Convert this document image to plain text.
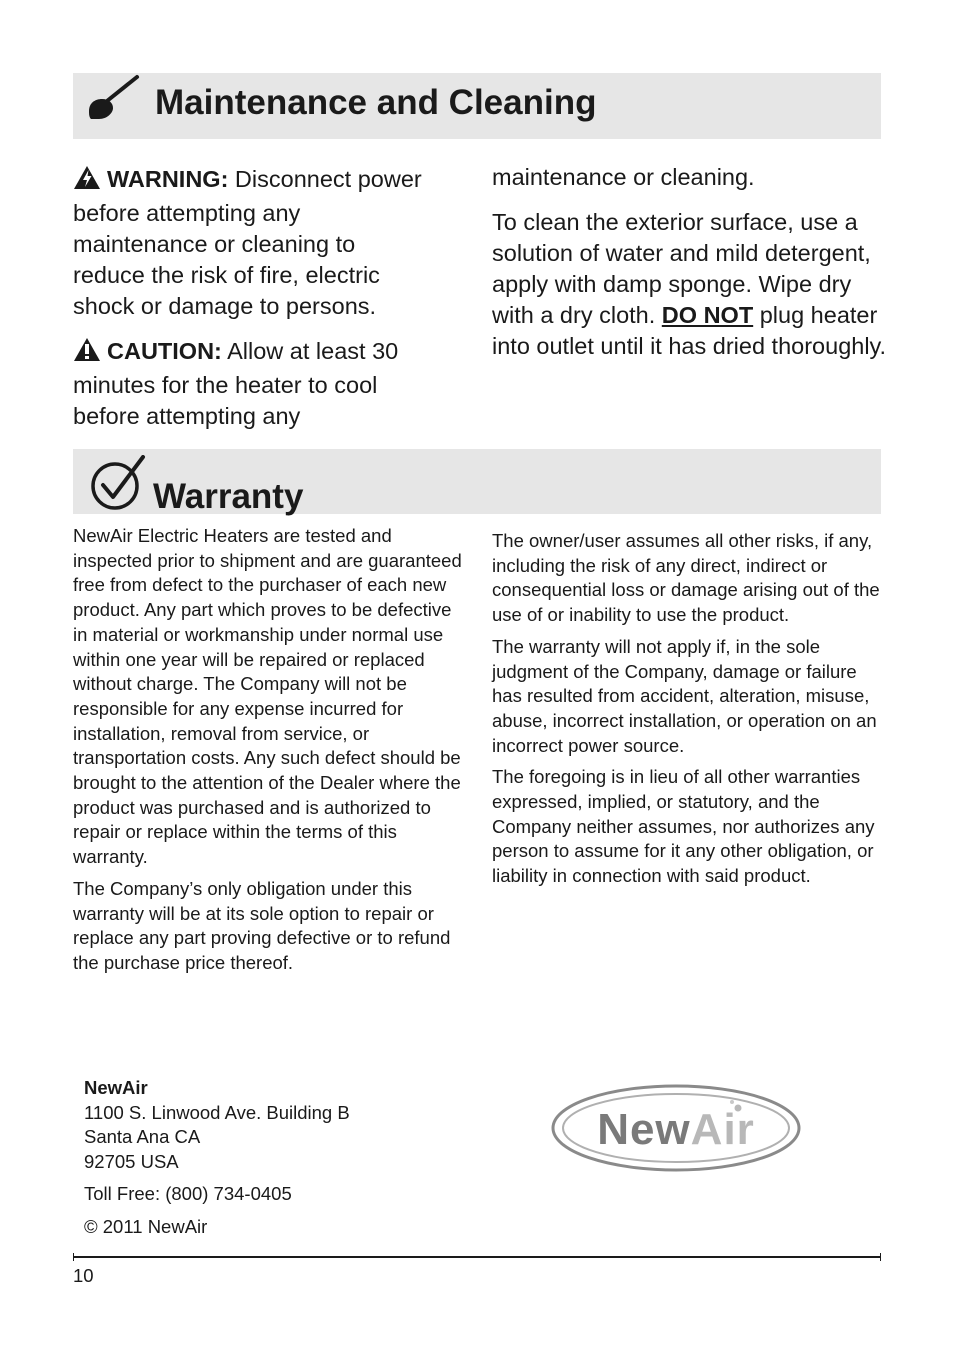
Maintenance and Cleaning

WARNING: Disconnect power before attempting any maintenance or cleaning to reduce the risk of fire, electric shock or damage to persons.

CAUTION: Allow at least 30 minutes for the heater to cool before attempting any

maintenance or cleaning.

To clean the exterior surface, use a solution of water and mild detergent, apply with damp sponge. Wipe dry with a dry cloth. DO NOT plug heater into outlet until it has dried thoroughly.

Warranty

NewAir Electric Heaters are tested and inspected prior to shipment and are guaranteed free from defect to the purchaser of each new product. Any part which proves to be defective in material or workmanship under normal use within one year will be repaired or replaced without charge. The Company will not be responsible for any expense incurred for installation, removal from service, or transportation costs. Any such defect should be brought to the attention of the Dealer where the product was purchased and is authorized to repair or replace within the terms of this warranty.

The Company’s only obligation under this warranty will be at its sole option to repair or replace any part proving defective or to refund the purchase price thereof.

The owner/user assumes all other risks, if any, including the risk of any direct, indirect or consequential loss or damage arising out of the use of or inability to use the product.

The warranty will not apply if, in the sole judgment of the Company, damage or failure has resulted from accident, alteration, misuse, abuse, incorrect installation, or operation on an incorrect power source.

The foregoing is in lieu of all other warranties expressed, implied, or statutory, and the Company neither assumes, nor authorizes any person to assume for it any other obligation, or liability in connection with said product.

NewAir
1100 S. Linwood Ave. Building B
Santa Ana CA
92705 USA
Toll Free: (800) 734-0405
© 2011 NewAir
NewAir
10
